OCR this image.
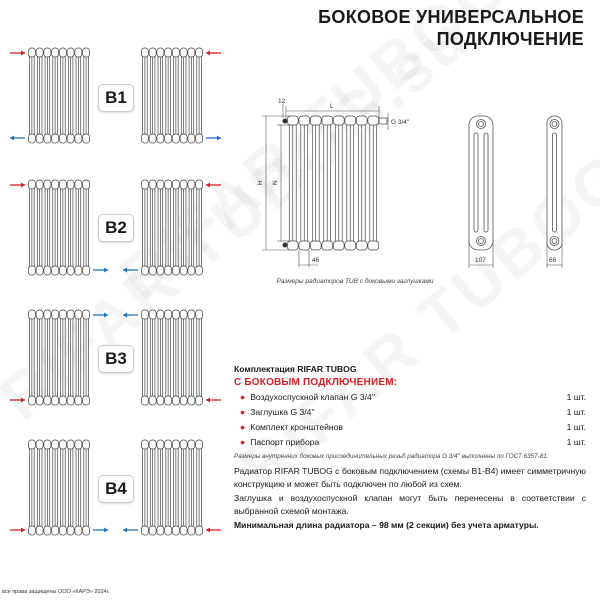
БОКОВОЕ УНИВЕРСАЛЬНОЕ
ПОДКЛЮЧЕНИЕ
B1
B2
B3
B4
12
L
H N
G 3/4''
46	107	66
Размеры радиаторов TUB с боковыми заглушками
Комплектация RIFAR TUBOG
С БОКОВЫМ ПОДКЛЮЧЕНИЕМ:
● Воздухоспускной клапан G 3/4''	1 шт.
● Заглушка G 3/4''	1 шт.
● Комплект кронштейнов	1 шт.
● Паспорт прибора	1 шт.
Размеры внутренних боковых присоединительных резьб радиатора G 3/4'' выполнены по ГОСТ 6357-81.

Радиатор RIFAR TUBOG с боковым подключением (схемы B1-B4) имеет симметричную конструкцию и может быть подключен по любой из схем.

Заглушка и воздухоспускной клапан могут быть перенесены в соответствии с выбранной схемой монтажа.

Минимальная длина радиатора – 98 мм (2 секции) без учета арматуры.

все права защищены ООО «КАРЭ» 2024г.
